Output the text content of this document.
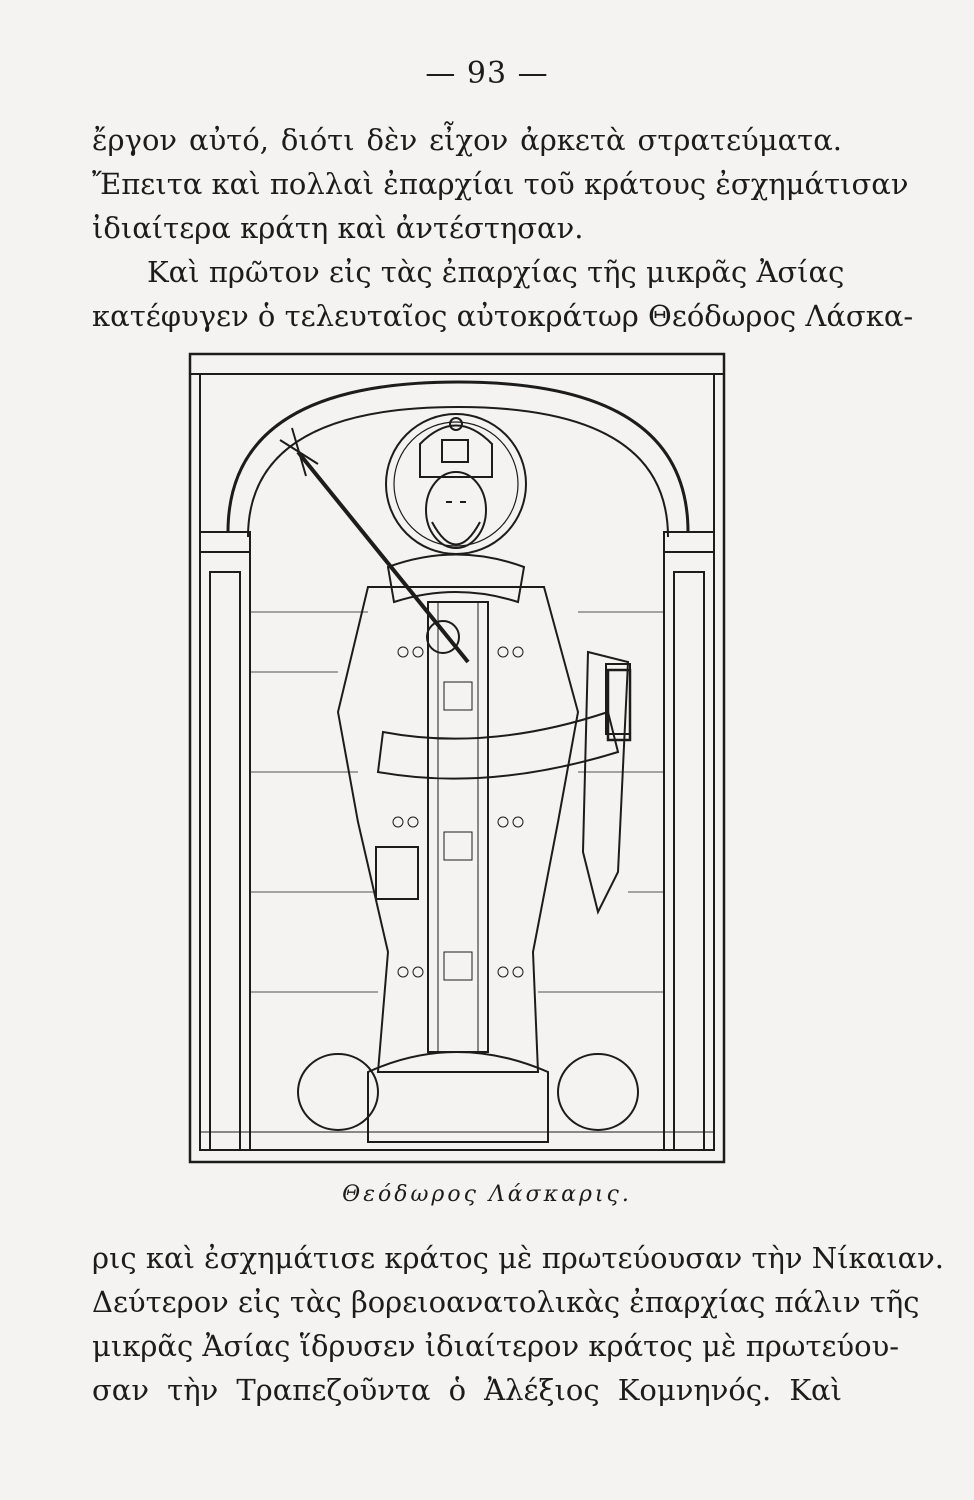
— 93 —
ἔργον αὐτό, διότι δὲν εἶχον ἀρκετὰ στρατεύματα.
Ἔπειτα καὶ πολλαὶ ἐπαρχίαι τοῦ κράτους ἐσχημάτισαν
ἰδιαίτερα κράτη καὶ ἀντέστησαν.
Καὶ πρῶτον εἰς τὰς ἐπαρχίας τῆς μικρᾶς Ἀσίας
κατέφυγεν ὁ τελευταῖος αὐτοκράτωρ Θεόδωρος Λάσκα-
Θεόδωρος Λάσκαρις.
ρις καὶ ἐσχημάτισε κράτος μὲ πρωτεύουσαν τὴν Νίκαιαν.
Δεύτερον εἰς τὰς βορειοανατολικὰς ἐπαρχίας πάλιν τῆς
μικρᾶς Ἀσίας ἵδρυσεν ἰδιαίτερον κράτος μὲ πρωτεύου-
σαν τὴν Τραπεζοῦντα ὁ Ἀλέξιος Κομνηνός. Καὶ
